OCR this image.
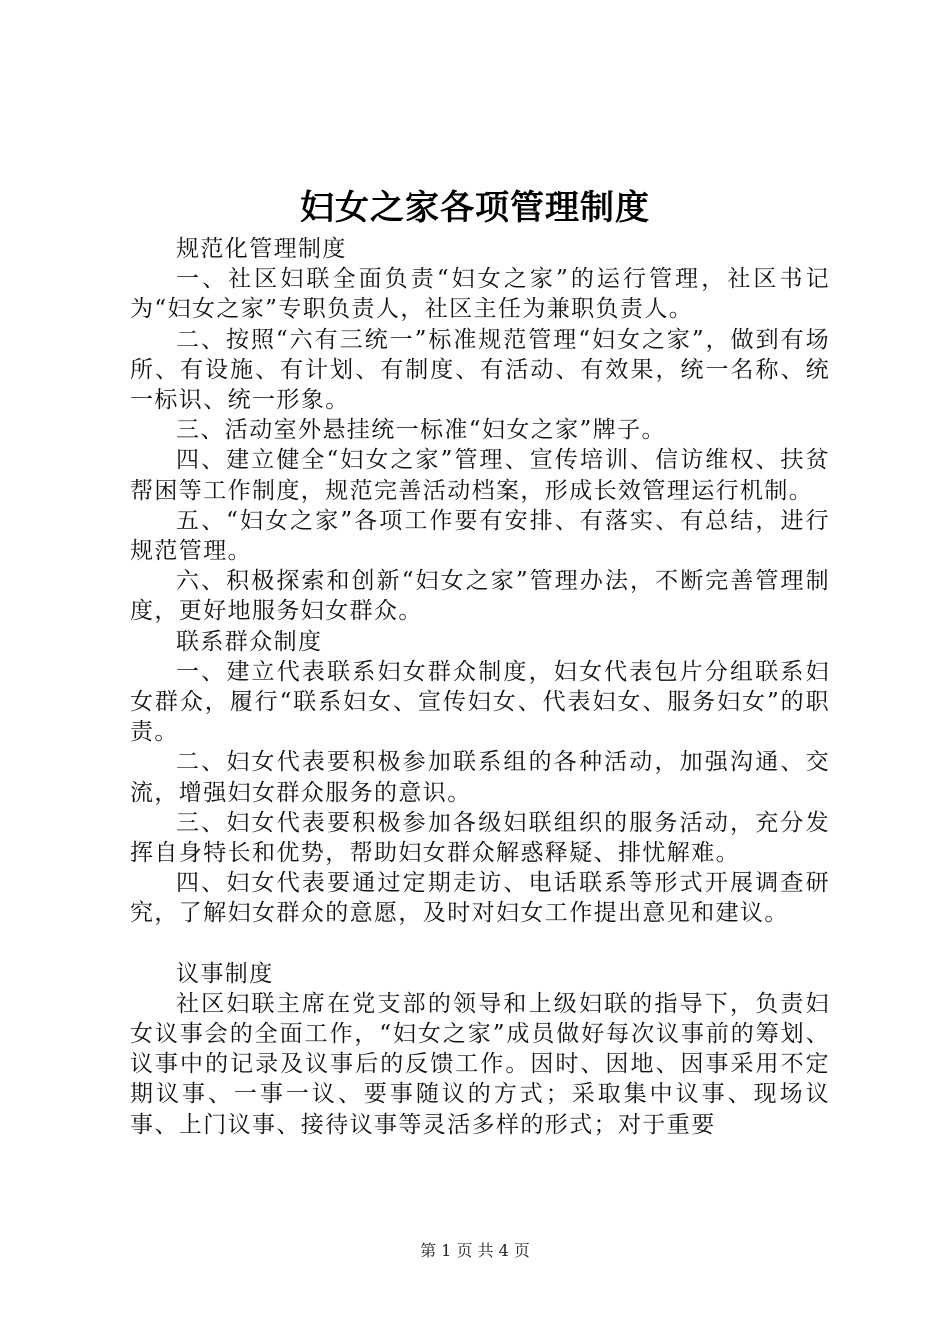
妇女之家各项管理制度

规范化管理制度

一、社区妇联全面负责“妇女之家”的运行管理，社区书记为“妇女之家”专职负责人，社区主任为兼职负责人。

二、按照“六有三统一”标准规范管理“妇女之家”，做到有场所、有设施、有计划、有制度、有活动、有效果，统一名称、统一标识、统一形象。

三、活动室外悬挂统一标准“妇女之家”牌子。

四、建立健全“妇女之家”管理、宣传培训、信访维权、扶贫帮困等工作制度，规范完善活动档案，形成长效管理运行机制。

五、“妇女之家”各项工作要有安排、有落实、有总结，进行规范管理。

六、积极探索和创新“妇女之家”管理办法，不断完善管理制度，更好地服务妇女群众。

联系群众制度

一、建立代表联系妇女群众制度，妇女代表包片分组联系妇女群众，履行“联系妇女、宣传妇女、代表妇女、服务妇女”的职责。

二、妇女代表要积极参加联系组的各种活动，加强沟通、交流，增强妇女群众服务的意识。

三、妇女代表要积极参加各级妇联组织的服务活动，充分发挥自身特长和优势，帮助妇女群众解惑释疑、排忧解难。

四、妇女代表要通过定期走访、电话联系等形式开展调查研究，了解妇女群众的意愿，及时对妇女工作提出意见和建议。

议事制度

社区妇联主席在党支部的领导和上级妇联的指导下，负责妇女议事会的全面工作，“妇女之家”成员做好每次议事前的筹划、议事中的记录及议事后的反馈工作。因时、因地、因事采用不定期议事、一事一议、要事随议的方式；采取集中议事、现场议事、上门议事、接待议事等灵活多样的形式；对于重要

第 1 页 共 4 页
